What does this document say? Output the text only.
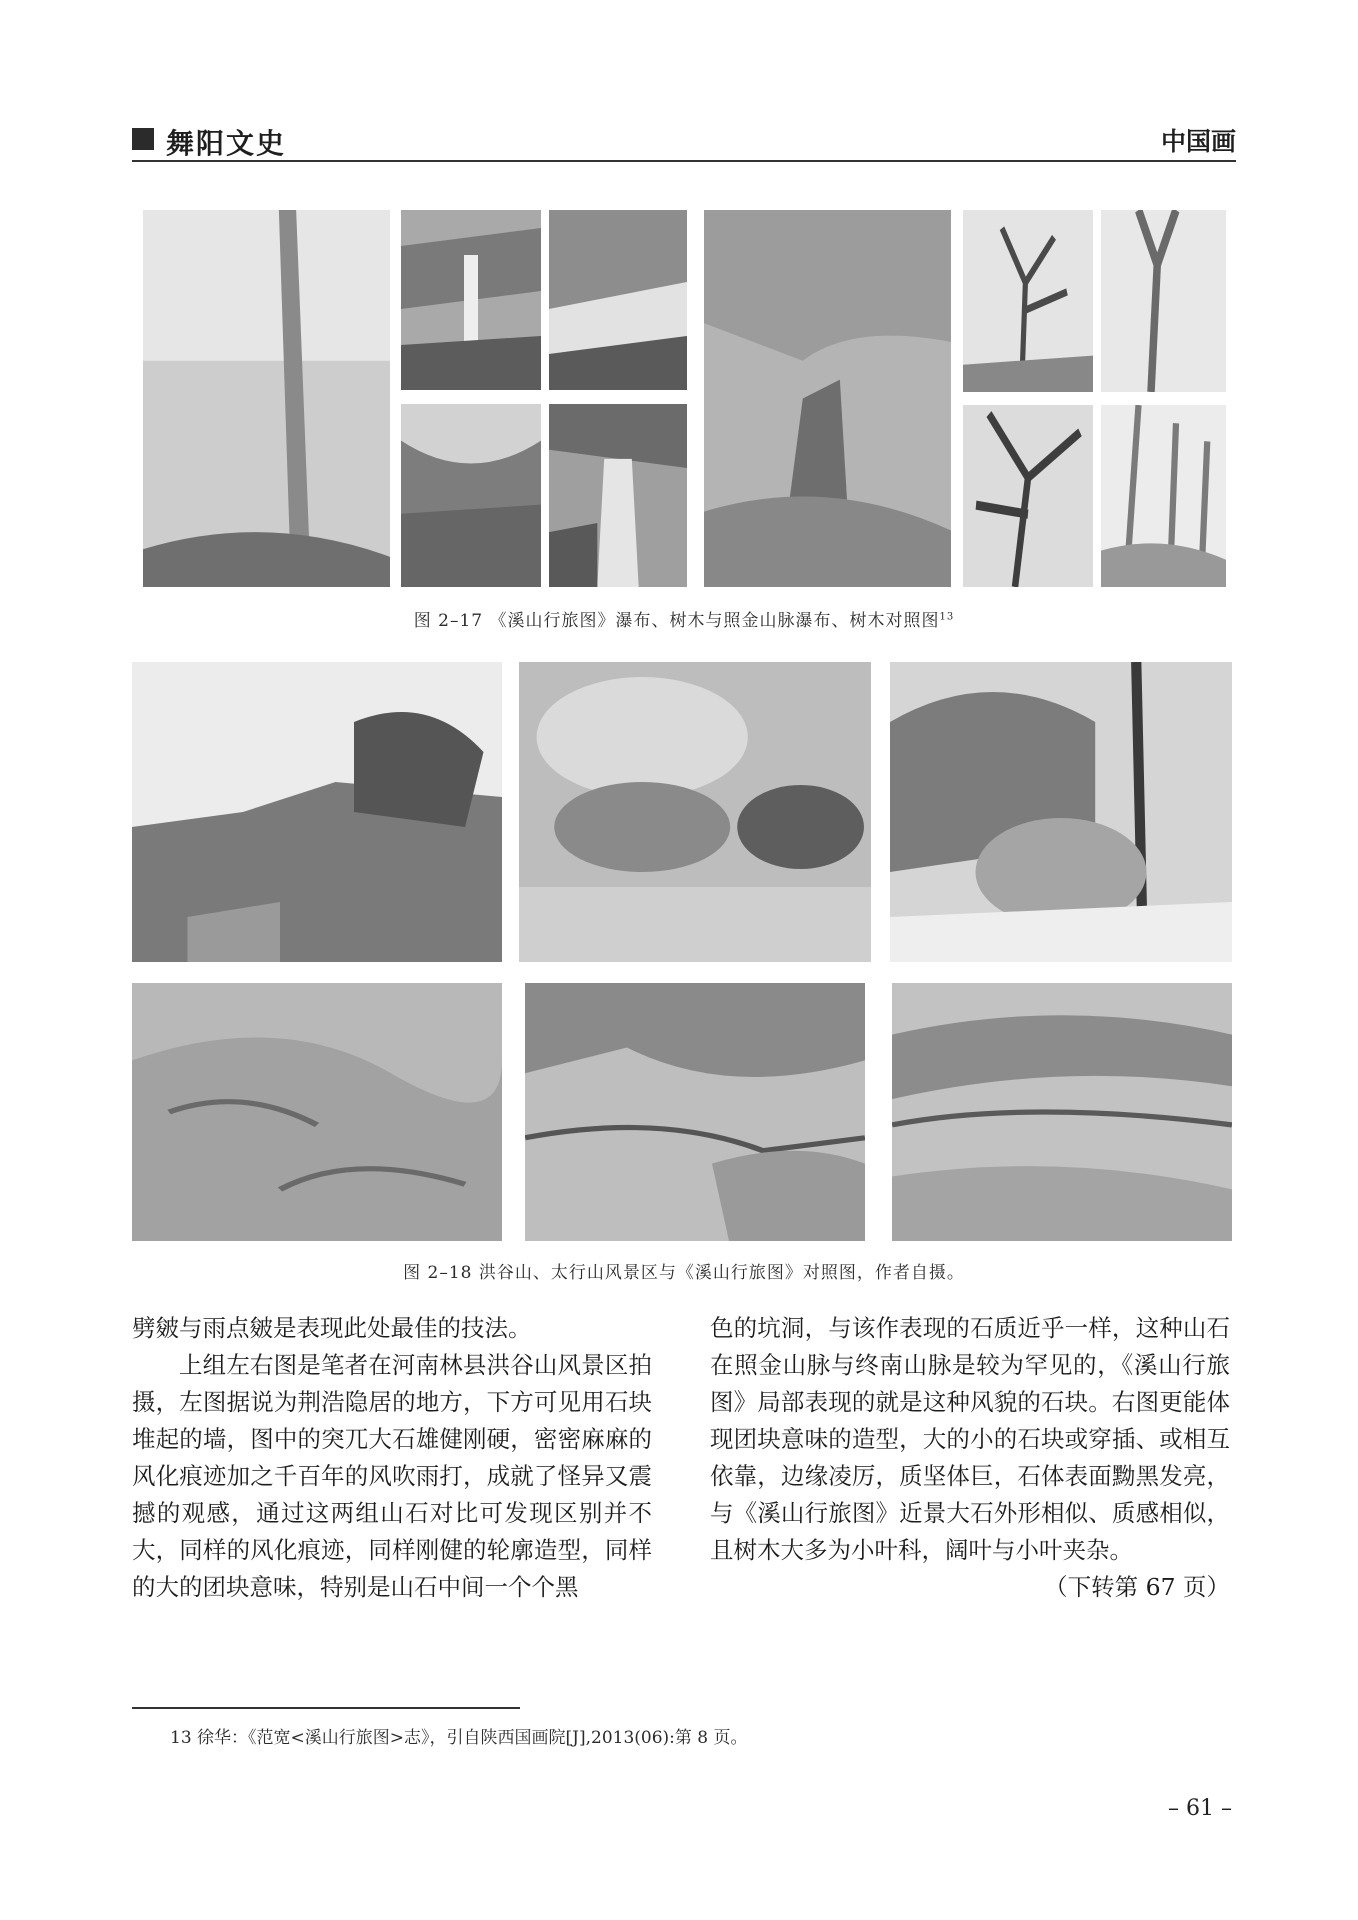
舞阳文史	中国画
图 2–17 《溪山行旅图》瀑布、树木与照金山脉瀑布、树木对照图$^{13}$
图 2–18 洪谷山、太行山风景区与《溪山行旅图》对照图，作者自摄。

劈皴与雨点皴是表现此处最佳的技法。

上组左右图是笔者在河南林县洪谷山风景区拍摄，左图据说为荆浩隐居的地方，下方可见用石块堆起的墙，图中的突兀大石雄健刚硬，密密麻麻的风化痕迹加之千百年的风吹雨打，成就了怪异又震撼的观感，通过这两组山石对比可发现区别并不大，同样的风化痕迹，同样刚健的轮廓造型，同样的大的团块意味，特别是山石中间一个个黑

色的坑洞，与该作表现的石质近乎一样，这种山石在照金山脉与终南山脉是较为罕见的，《溪山行旅图》局部表现的就是这种风貌的石块。右图更能体现团块意味的造型，大的小的石块或穿插、或相互依靠，边缘凌厉，质坚体巨，石体表面黝黑发亮，与《溪山行旅图》近景大石外形相似、质感相似，且树木大多为小叶科，阔叶与小叶夹杂。

（下转第 67 页）

13 徐华：《范宽<溪山行旅图>志》，引自陕西国画院[J],2013(06):第 8 页。
– 61 –
